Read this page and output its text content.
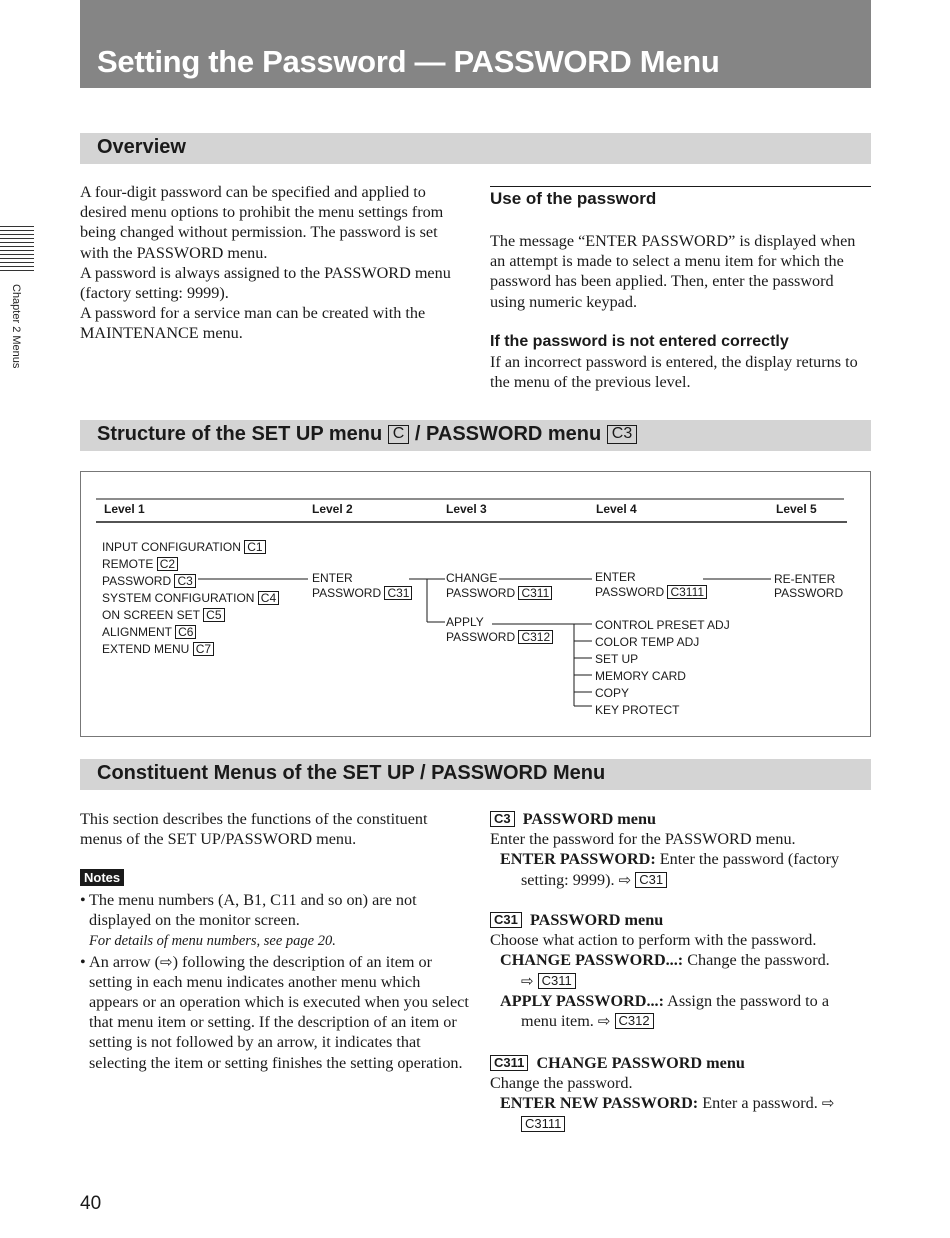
Setting the Password — PASSWORD Menu
Chapter 2 Menus
Overview

A four-digit password can be specified and applied to desired menu options to prohibit the menu settings from being changed without permission. The password is set with the PASSWORD menu.

A password is always assigned to the PASSWORD menu (factory setting: 9999).

A password for a service man can be created with the MAINTENANCE menu.

Use of the password
The message “ENTER PASSWORD” is displayed when an attempt is made to select a menu item for which the password has been applied. Then, enter the password using numeric keypad.
If the password is not entered correctly

If an incorrect password is entered, the display returns to the menu of the previous level.

Structure of the SET UP menu C / PASSWORD menu C3
Level 1	Level 2	Level 3	Level 4	Level 5
INPUT CONFIGURATION C1
REMOTE C2
PASSWORD C3
SYSTEM CONFIGURATION C4
ON SCREEN SET C5
ALIGNMENT C6
EXTEND MENU C7
ENTER
PASSWORD C31
CHANGE
PASSWORD C311
APPLY
PASSWORD C312
ENTER
PASSWORD C3111
CONTROL PRESET ADJ
COLOR TEMP ADJ
SET UP
MEMORY CARD
COPY
KEY PROTECT
RE-ENTER
PASSWORD
Constituent Menus of the SET UP / PASSWORD Menu
This section describes the functions of the constituent menus of the SET UP/PASSWORD menu.
Notes
• The menu numbers (A, B1, C11 and so on) are not displayed on the monitor screen.
For details of menu numbers, see page 20.
• An arrow (⇨) following the description of an item or setting in each menu indicates another menu which appears or an operation which is executed when you select that menu item or setting. If the description of an item or setting is not followed by an arrow, it indicates that selecting the item or setting finishes the setting operation.
C3 PASSWORD menu
Enter the password for the PASSWORD menu.
ENTER PASSWORD: Enter the password (factory
setting: 9999). ⇨ C31
C31 PASSWORD menu
Choose what action to perform with the password.
CHANGE PASSWORD...: Change the password.
⇨ C311
APPLY PASSWORD...: Assign the password to a
menu item. ⇨ C312
C311 CHANGE PASSWORD menu
Change the password.
ENTER NEW PASSWORD: Enter a password. ⇨
C3111
40
